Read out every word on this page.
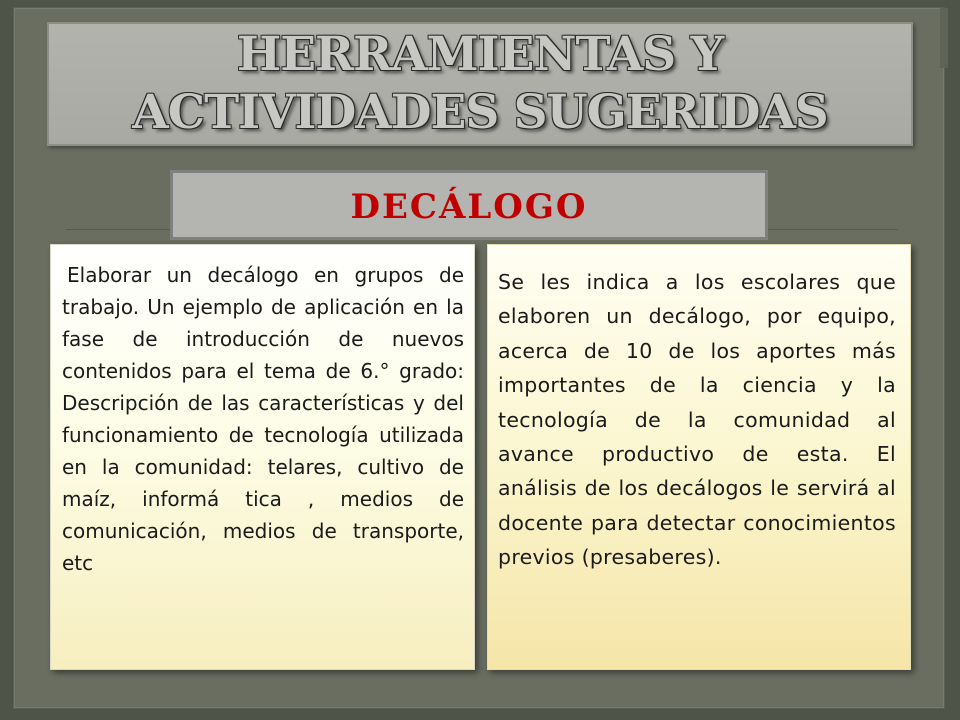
HERRAMIENTAS Y ACTIVIDADES SUGERIDAS
DECÁLOGO
Elaborar un decálogo en grupos de trabajo. Un ejemplo de aplicación en la fase de introducción de nuevos contenidos para el tema de 6.° grado: Descripción de las características y del funcionamiento de tecnología utilizada en la comunidad: telares, cultivo de maíz, informá tica , medios de comunicación, medios de transporte, etc
Se les indica a los escolares que elaboren un decálogo, por equipo, acerca de 10 de los aportes más importantes de la ciencia y la tecnología de la comunidad al avance productivo de esta. El análisis de los decálogos le servirá al docente para detectar conocimientos previos (presaberes).
